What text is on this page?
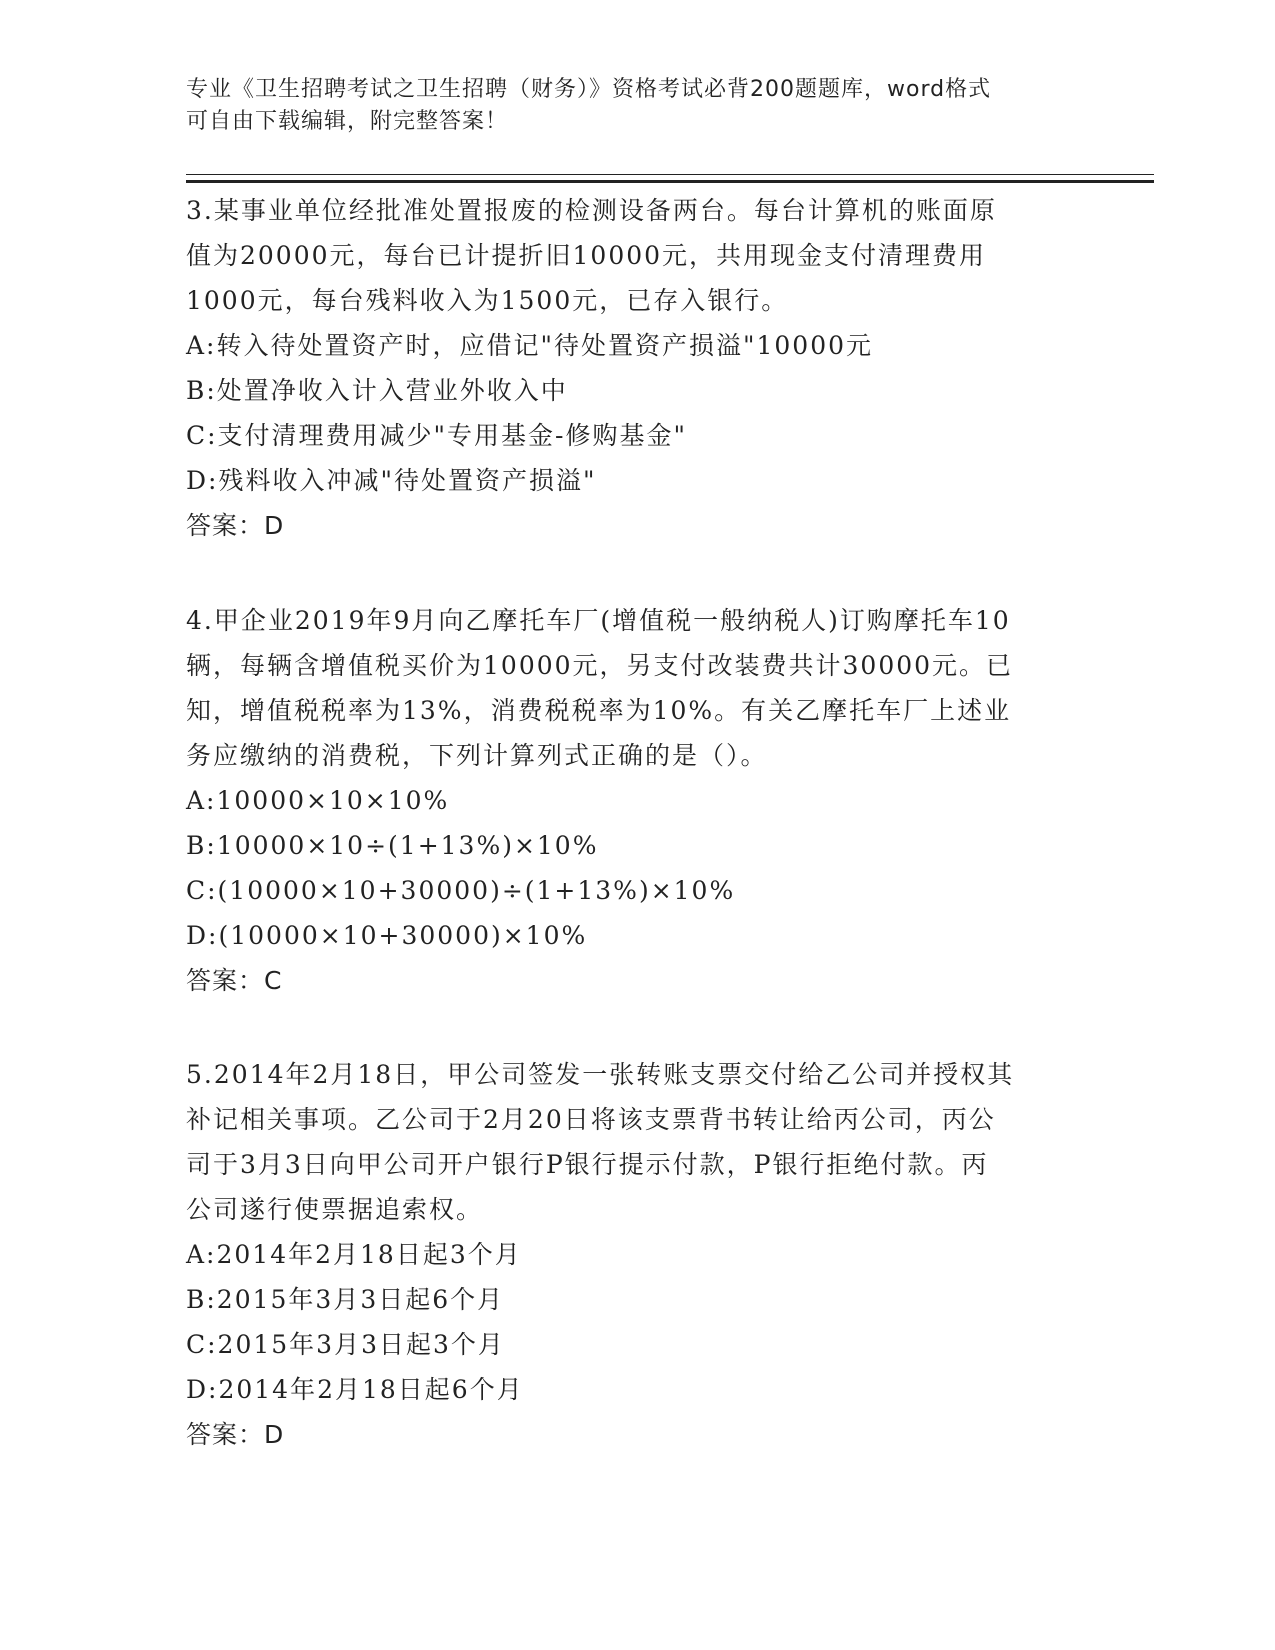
专业《卫生招聘考试之卫生招聘（财务）》资格考试必背200题题库，word格式
可自由下载编辑，附完整答案！
3.某事业单位经批准处置报废的检测设备两台。每台计算机的账面原
值为20000元，每台已计提折旧10000元，共用现金支付清理费用
1000元，每台残料收入为1500元，已存入银行。
A:转入待处置资产时，应借记"待处置资产损溢"10000元
B:处置净收入计入营业外收入中
C:支付清理费用减少"专用基金-修购基金"
D:残料收入冲减"待处置资产损溢"
答案：D
4.甲企业2019年9月向乙摩托车厂(增值税一般纳税人)订购摩托车10
辆，每辆含增值税买价为10000元，另支付改装费共计30000元。已
知，增值税税率为13%，消费税税率为10%。有关乙摩托车厂上述业
务应缴纳的消费税，下列计算列式正确的是（）。
A:10000×10×10%
B:10000×10÷(1+13%)×10%
C:(10000×10+30000)÷(1+13%)×10%
D:(10000×10+30000)×10%
答案：C
5.2014年2月18日，甲公司签发一张转账支票交付给乙公司并授权其
补记相关事项。乙公司于2月20日将该支票背书转让给丙公司，丙公
司于3月3日向甲公司开户银行P银行提示付款，P银行拒绝付款。丙
公司遂行使票据追索权。
A:2014年2月18日起3个月
B:2015年3月3日起6个月
C:2015年3月3日起3个月
D:2014年2月18日起6个月
答案：D
